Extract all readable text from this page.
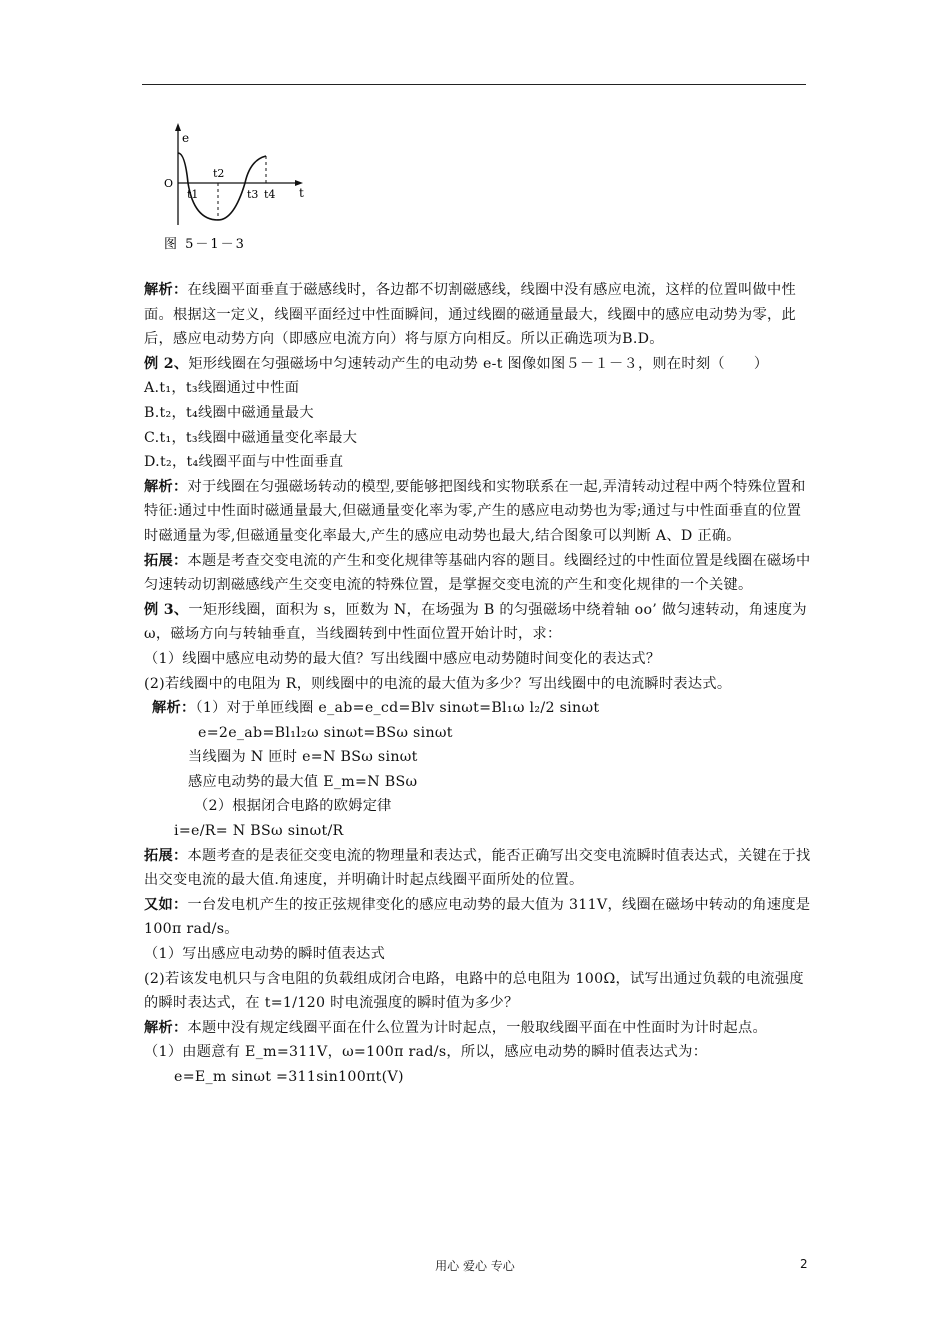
e
O
t
t1
t2
t3 t4
图 5－1－3

解析：在线圈平面垂直于磁感线时，各边都不切割磁感线，线圈中没有感应电流，这样的位置叫做中性面。根据这一定义，线圈平面经过中性面瞬间，通过线圈的磁通量最大，线圈中的感应电动势为零，此后，感应电动势方向（即感应电流方向）将与原方向相反。所以正确选项为B.D。

例 2、矩形线圈在匀强磁场中匀速转动产生的电动势 e-t 图像如图５－１－３，则在时刻（　　）

A.t₁，t₃线圈通过中性面

B.t₂，t₄线圈中磁通量最大

C.t₁，t₃线圈中磁通量变化率最大

D.t₂，t₄线圈平面与中性面垂直

解析：对于线圈在匀强磁场转动的模型,要能够把图线和实物联系在一起,弄清转动过程中两个特殊位置和特征:通过中性面时磁通量最大,但磁通量变化率为零,产生的感应电动势也为零;通过与中性面垂直的位置时磁通量为零,但磁通量变化率最大,产生的感应电动势也最大,结合图象可以判断 A、D 正确。

拓展：本题是考查交变电流的产生和变化规律等基础内容的题目。线圈经过的中性面位置是线圈在磁场中匀速转动切割磁感线产生交变电流的特殊位置，是掌握交变电流的产生和变化规律的一个关键。

例 3、一矩形线圈，面积为 s，匝数为 N，在场强为 B 的匀强磁场中绕着轴 oo’ 做匀速转动，角速度为 ω，磁场方向与转轴垂直，当线圈转到中性面位置开始计时，求：

（1）线圈中感应电动势的最大值？写出线圈中感应电动势随时间变化的表达式？

(2)若线圈中的电阻为 R，则线圈中的电流的最大值为多少？写出线圈中的电流瞬时表达式。

解析：（1）对于单匝线圈 e_ab=e_cd=Blv sinωt=Bl₁ω l₂/2 sinωt

e=2e_ab=Bl₁l₂ω sinωt=BSω sinωt

当线圈为 N 匝时 e=N BSω sinωt

感应电动势的最大值 E_m=N BSω

（2）根据闭合电路的欧姆定律

i=e/R= N BSω sinωt/R

拓展：本题考查的是表征交变电流的物理量和表达式，能否正确写出交变电流瞬时值表达式，关键在于找出交变电流的最大值.角速度，并明确计时起点线圈平面所处的位置。

又如：一台发电机产生的按正弦规律变化的感应电动势的最大值为 311V，线圈在磁场中转动的角速度是 100π rad/s。

（1）写出感应电动势的瞬时值表达式

(2)若该发电机只与含电阻的负载组成闭合电路，电路中的总电阻为 100Ω，试写出通过负载的电流强度的瞬时表达式，在 t=1/120 时电流强度的瞬时值为多少？

解析：本题中没有规定线圈平面在什么位置为计时起点，一般取线圈平面在中性面时为计时起点。

（1）由题意有 E_m=311V，ω=100π rad/s，所以，感应电动势的瞬时值表达式为：

e=E_m sinωt =311sin100πt(V)

用心 爱心 专心	2
